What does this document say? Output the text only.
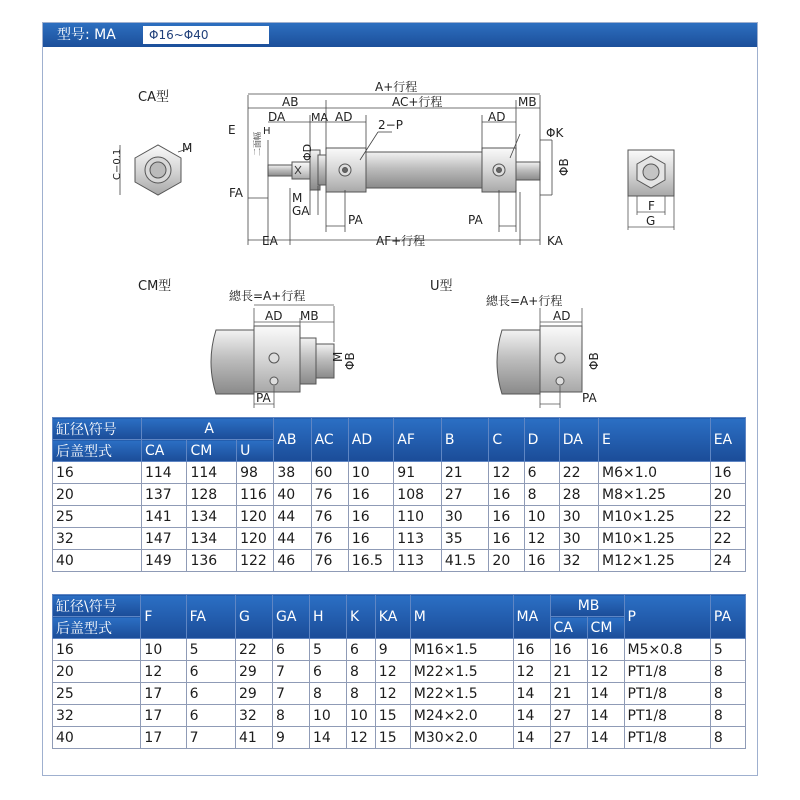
型号: MA	Φ16~Φ40
CA型
A+行程
AB	AC+行程	MB
DA MA AD	AD
E	H	2−P
ΦK
ΦD
二面幅
ΦB
FA	M
GA
PA	PA
EA	AF+行程	KA
C−0.1
M
F
G
CM型
總長=A+行程
AD MB
M
ΦB
PA
U型
總長=A+行程
AD
ΦB
PA
缸径\符号	A			AB	AC	AD	AF	B	C	D	DA	E	EA
后盖型式	CA	CM	U										
16	114	114	98	38	60	10	91	21	12	6	22	M6×1.0	16
20	137	128	116	40	76	16	108	27	16	8	28	M8×1.25	20
25	141	134	120	44	76	16	110	30	16	10	30	M10×1.25	22
32	147	134	120	44	76	16	113	35	16	12	30	M10×1.25	22
40	149	136	122	46	76	16.5	113	41.5	20	16	32	M12×1.25	24
缸径\符号	F	FA	G	GA	H	K	KA	M	MA	MB		P	PA
后盖型式										CA	CM		
16	10	5	22	6	5	6	9	M16×1.5	16	16	16	M5×0.8	5
20	12	6	29	7	6	8	12	M22×1.5	12	21	12	PT1/8	8
25	17	6	29	7	8	8	12	M22×1.5	14	21	14	PT1/8	8
32	17	6	32	8	10	10	15	M24×2.0	14	27	14	PT1/8	8
40	17	7	41	9	14	12	15	M30×2.0	14	27	14	PT1/8	8
